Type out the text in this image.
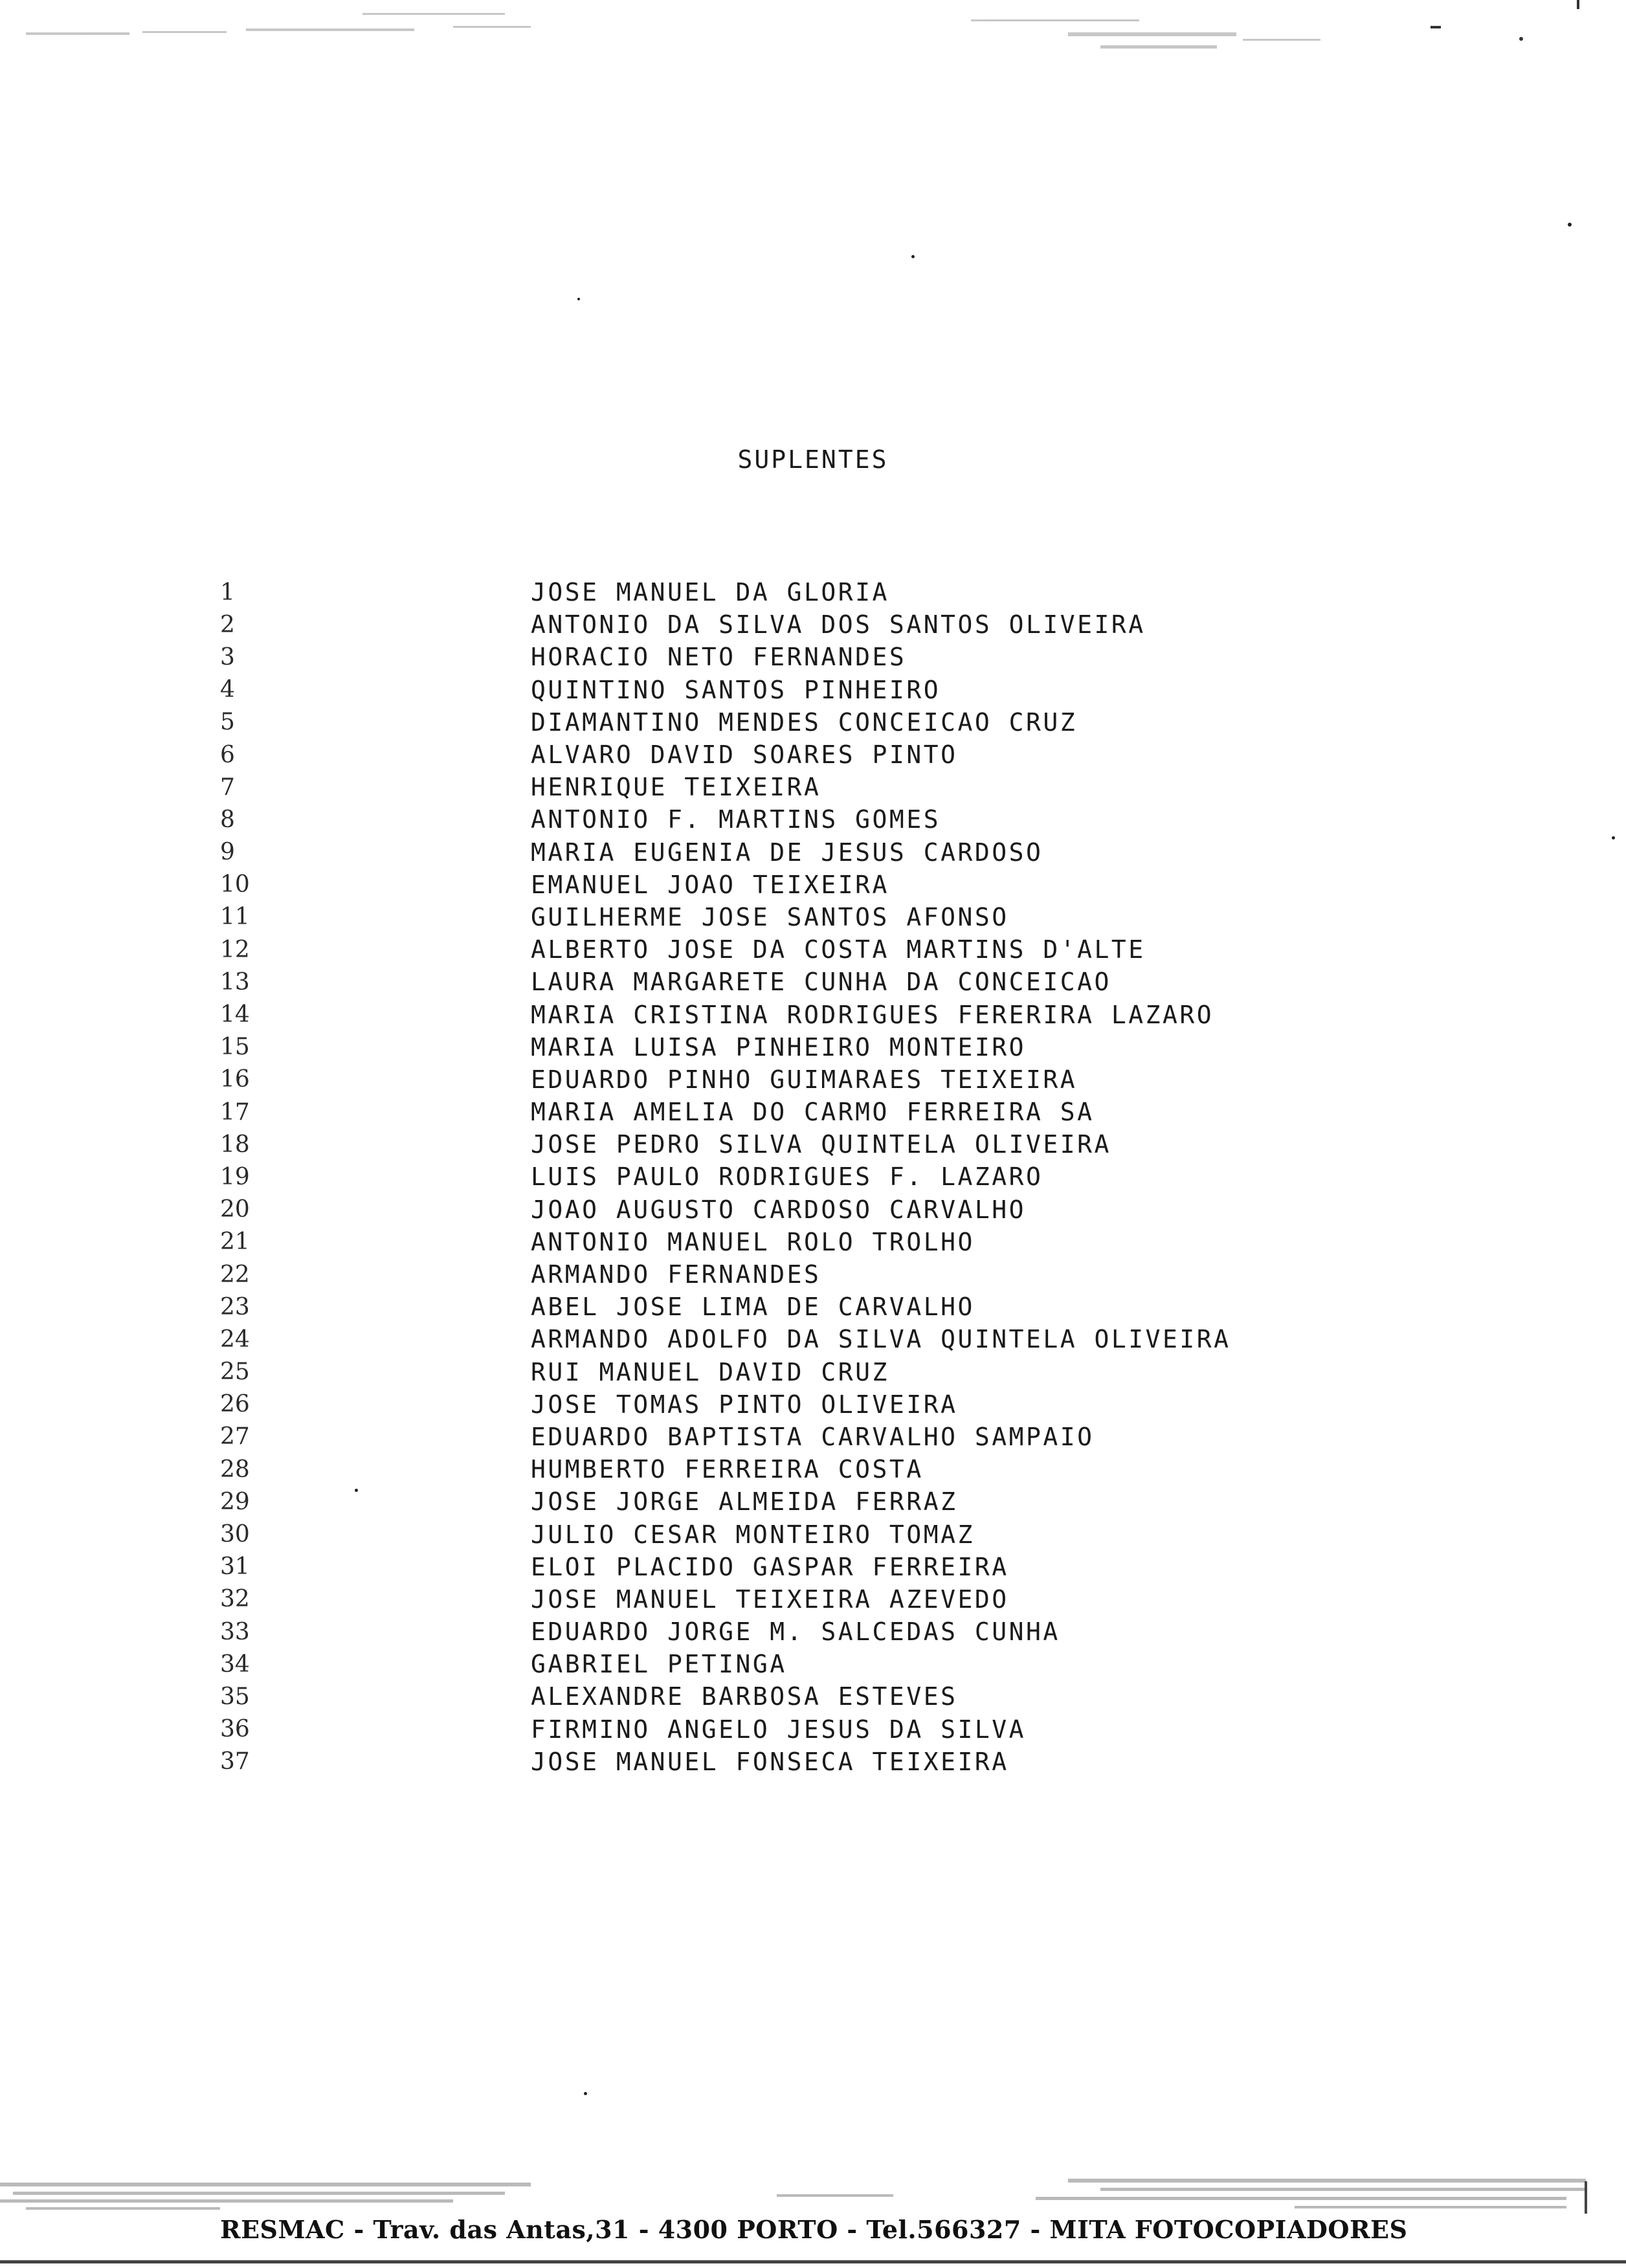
SUPLENTES
1	JOSE MANUEL DA GLORIA
2	ANTONIO DA SILVA DOS SANTOS OLIVEIRA
3	HORACIO NETO FERNANDES
4	QUINTINO SANTOS PINHEIRO
5	DIAMANTINO MENDES CONCEICAO CRUZ
6	ALVARO DAVID SOARES PINTO
7	HENRIQUE TEIXEIRA
8	ANTONIO F. MARTINS GOMES
9	MARIA EUGENIA DE JESUS CARDOSO
10	EMANUEL JOAO TEIXEIRA
11	GUILHERME JOSE SANTOS AFONSO
12	ALBERTO JOSE DA COSTA MARTINS D'ALTE
13	LAURA MARGARETE CUNHA DA CONCEICAO
14	MARIA CRISTINA RODRIGUES FERERIRA LAZARO
15	MARIA LUISA PINHEIRO MONTEIRO
16	EDUARDO PINHO GUIMARAES TEIXEIRA
17	MARIA AMELIA DO CARMO FERREIRA SA
18	JOSE PEDRO SILVA QUINTELA OLIVEIRA
19	LUIS PAULO RODRIGUES F. LAZARO
20	JOAO AUGUSTO CARDOSO CARVALHO
21	ANTONIO MANUEL ROLO TROLHO
22	ARMANDO FERNANDES
23	ABEL JOSE LIMA DE CARVALHO
24	ARMANDO ADOLFO DA SILVA QUINTELA OLIVEIRA
25	RUI MANUEL DAVID CRUZ
26	JOSE TOMAS PINTO OLIVEIRA
27	EDUARDO BAPTISTA CARVALHO SAMPAIO
28	HUMBERTO FERREIRA COSTA
29	JOSE JORGE ALMEIDA FERRAZ
30	JULIO CESAR MONTEIRO TOMAZ
31	ELOI PLACIDO GASPAR FERREIRA
32	JOSE MANUEL TEIXEIRA AZEVEDO
33	EDUARDO JORGE M. SALCEDAS CUNHA
34	GABRIEL PETINGA
35	ALEXANDRE BARBOSA ESTEVES
36	FIRMINO ANGELO JESUS DA SILVA
37	JOSE MANUEL FONSECA TEIXEIRA
RESMAC - Trav. das Antas,31 - 4300 PORTO - Tel.566327 - MITA FOTOCOPIADORES
